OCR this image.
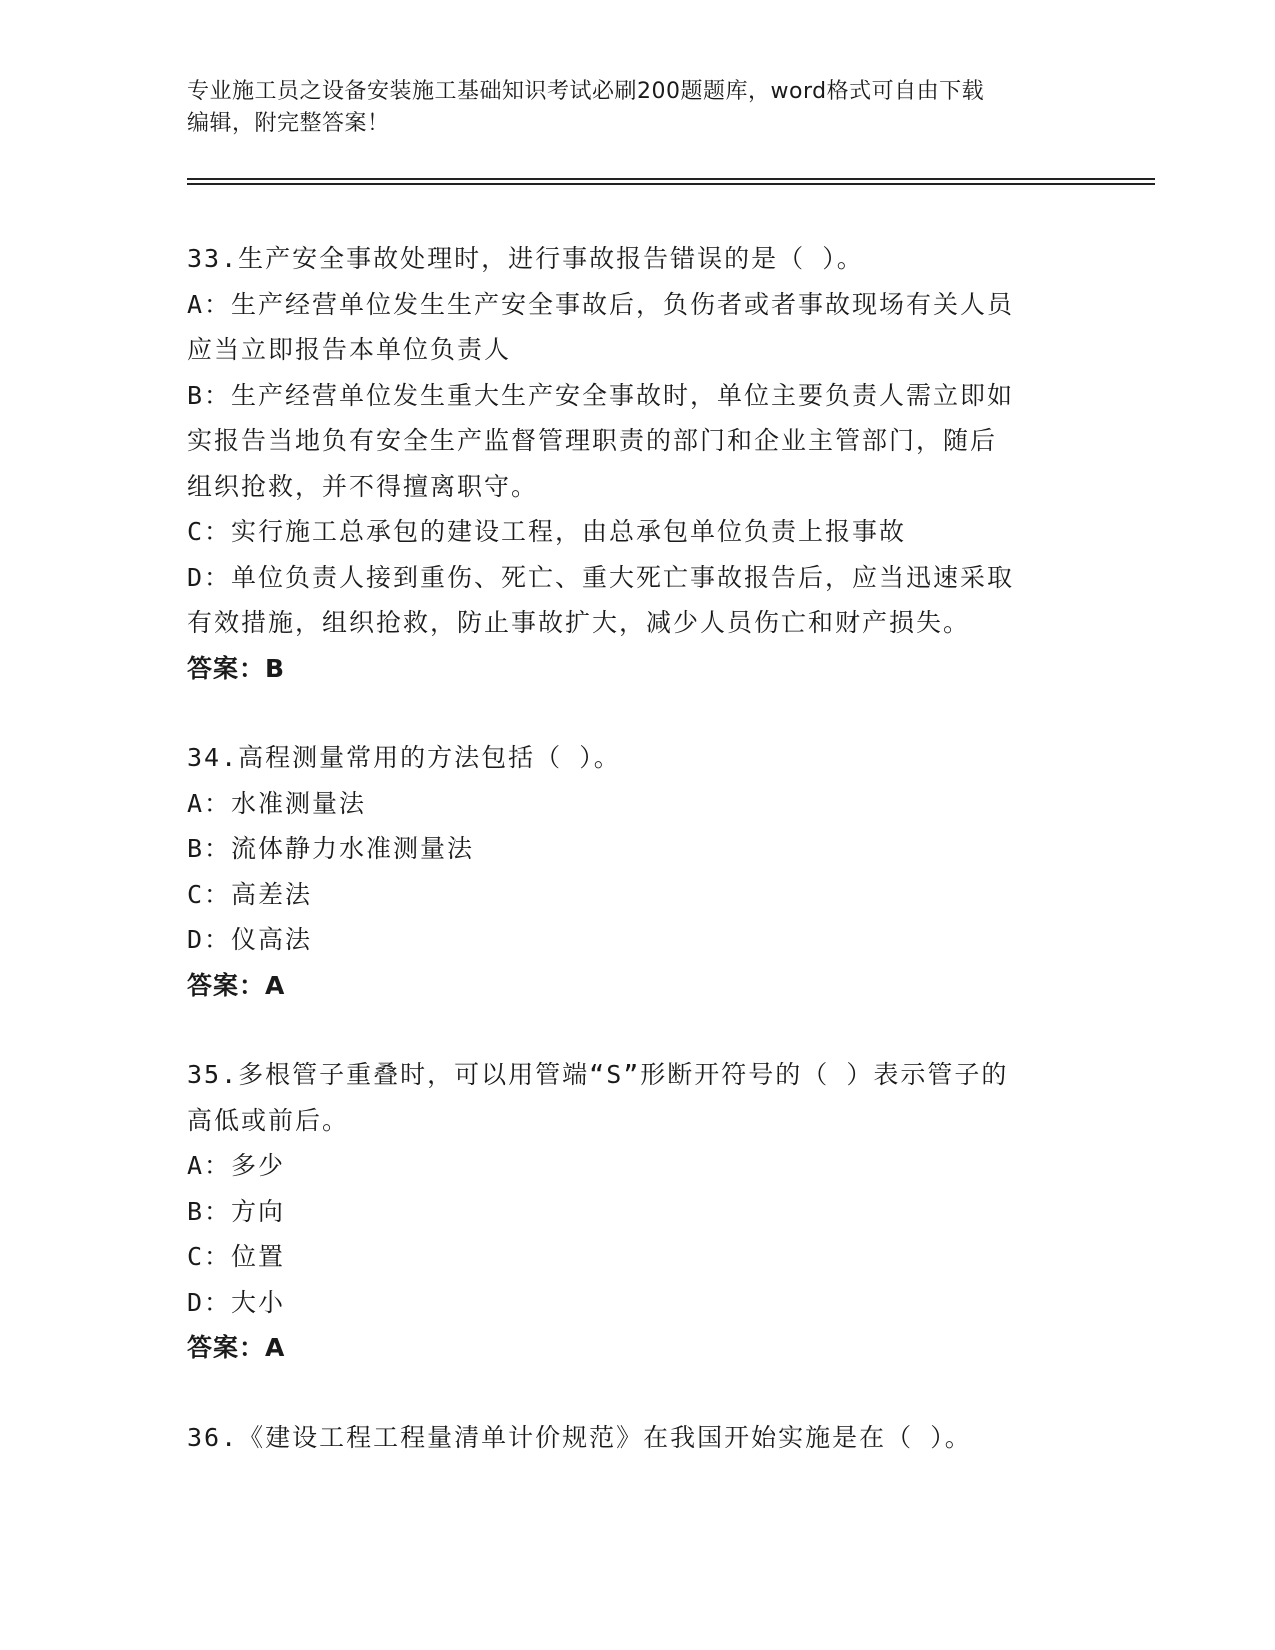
专业施工员之设备安装施工基础知识考试必刷200题题库，word格式可自由下载
编辑，附完整答案！
33.生产安全事故处理时，进行事故报告错误的是（ ）。
A：生产经营单位发生生产安全事故后，负伤者或者事故现场有关人员
应当立即报告本单位负责人
B：生产经营单位发生重大生产安全事故时，单位主要负责人需立即如
实报告当地负有安全生产监督管理职责的部门和企业主管部门，随后
组织抢救，并不得擅离职守。
C：实行施工总承包的建设工程，由总承包单位负责上报事故
D：单位负责人接到重伤、死亡、重大死亡事故报告后，应当迅速采取
有效措施，组织抢救，防止事故扩大，减少人员伤亡和财产损失。
答案：B
34.高程测量常用的方法包括（ ）。
A：水准测量法
B：流体静力水准测量法
C：高差法
D：仪高法
答案：A
35.多根管子重叠时，可以用管端“S”形断开符号的（ ）表示管子的
高低或前后。
A：多少
B：方向
C：位置
D：大小
答案：A
36.《建设工程工程量清单计价规范》在我国开始实施是在（ ）。
